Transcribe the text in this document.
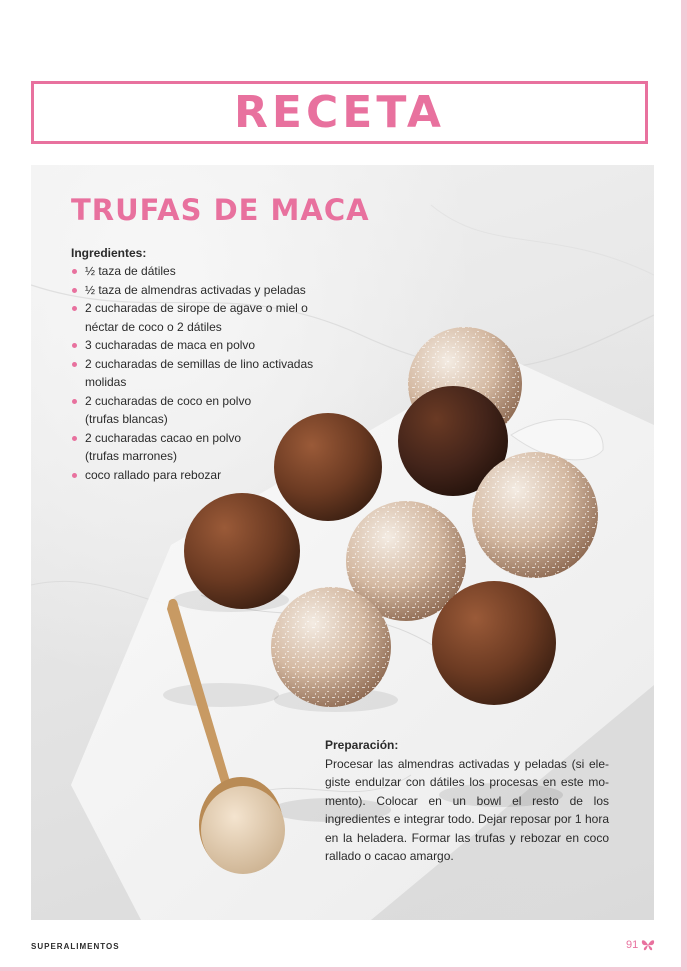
RECETA
TRUFAS DE MACA
Ingredientes:
½ taza de dátiles
½ taza de almendras activadas y peladas
2 cucharadas de sirope de agave o miel o
néctar de coco o 2 dátiles
3 cucharadas de maca en polvo
2 cucharadas de semillas de lino activadas
molidas
2 cucharadas de coco en polvo
(trufas blancas)
2 cucharadas cacao en polvo
(trufas marrones)
coco rallado para rebozar
Preparación:

Procesar las almendras activadas y peladas (si ele-giste endulzar con dátiles los procesas en este mo-mento). Colocar en un bowl el resto de los ingredientes e integrar todo. Dejar reposar por 1 hora en la heladera. Formar las trufas y rebozar en coco rallado o cacao amargo.

SUPERALIMENTOS	91
